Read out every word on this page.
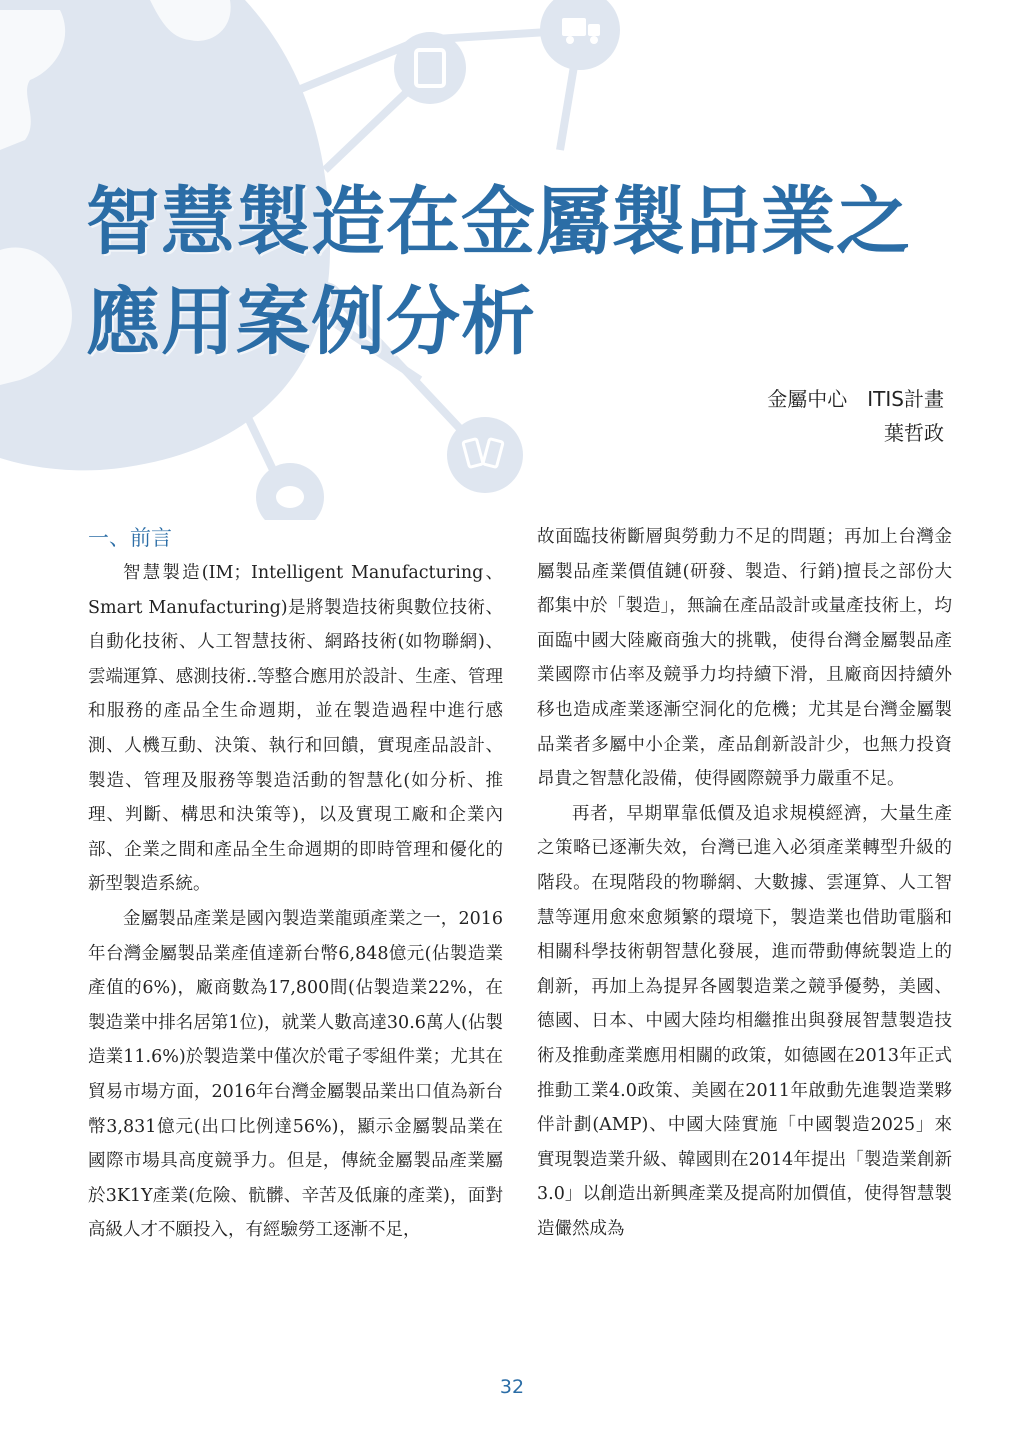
智慧製造在金屬製品業之
應用案例分析
金屬中心　ITIS計畫
葉哲政
一、前言

智慧製造(IM；Intelligent Manufacturing、Smart Manufacturing)是將製造技術與數位技術、自動化技術、人工智慧技術、網路技術(如物聯網)、雲端運算、感測技術..等整合應用於設計、生產、管理和服務的產品全生命週期，並在製造過程中進行感測、人機互動、決策、執行和回饋，實現產品設計、製造、管理及服務等製造活動的智慧化(如分析、推理、判斷、構思和決策等)，以及實現工廠和企業內部、企業之間和產品全生命週期的即時管理和優化的新型製造系統。

金屬製品產業是國內製造業龍頭產業之一，2016年台灣金屬製品業產值達新台幣6,848億元(佔製造業產值的6%)，廠商數為17,800間(佔製造業22%，在製造業中排名居第1位)，就業人數高達30.6萬人(佔製造業11.6%)於製造業中僅次於電子零組件業；尤其在貿易市場方面，2016年台灣金屬製品業出口值為新台幣3,831億元(出口比例達56%)，顯示金屬製品業在國際市場具高度競爭力。但是，傳統金屬製品產業屬於3K1Y產業(危險、骯髒、辛苦及低廉的產業)，面對高級人才不願投入，有經驗勞工逐漸不足，

故面臨技術斷層與勞動力不足的問題；再加上台灣金屬製品產業價值鏈(研發、製造、行銷)擅長之部份大都集中於「製造」，無論在產品設計或量產技術上，均面臨中國大陸廠商強大的挑戰，使得台灣金屬製品產業國際市佔率及競爭力均持續下滑，且廠商因持續外移也造成產業逐漸空洞化的危機；尤其是台灣金屬製品業者多屬中小企業，產品創新設計少，也無力投資昂貴之智慧化設備，使得國際競爭力嚴重不足。

再者，早期單靠低價及追求規模經濟，大量生產之策略已逐漸失效，台灣已進入必須產業轉型升級的階段。在現階段的物聯網、大數據、雲運算、人工智慧等運用愈來愈頻繁的環境下，製造業也借助電腦和相關科學技術朝智慧化發展，進而帶動傳統製造上的創新，再加上為提昇各國製造業之競爭優勢，美國、德國、日本、中國大陸均相繼推出與發展智慧製造技術及推動產業應用相關的政策，如德國在2013年正式推動工業4.0政策、美國在2011年啟動先進製造業夥伴計劃(AMP)、中國大陸實施「中國製造2025」來實現製造業升級、韓國則在2014年提出「製造業創新3.0」以創造出新興產業及提高附加價值，使得智慧製造儼然成為

32
